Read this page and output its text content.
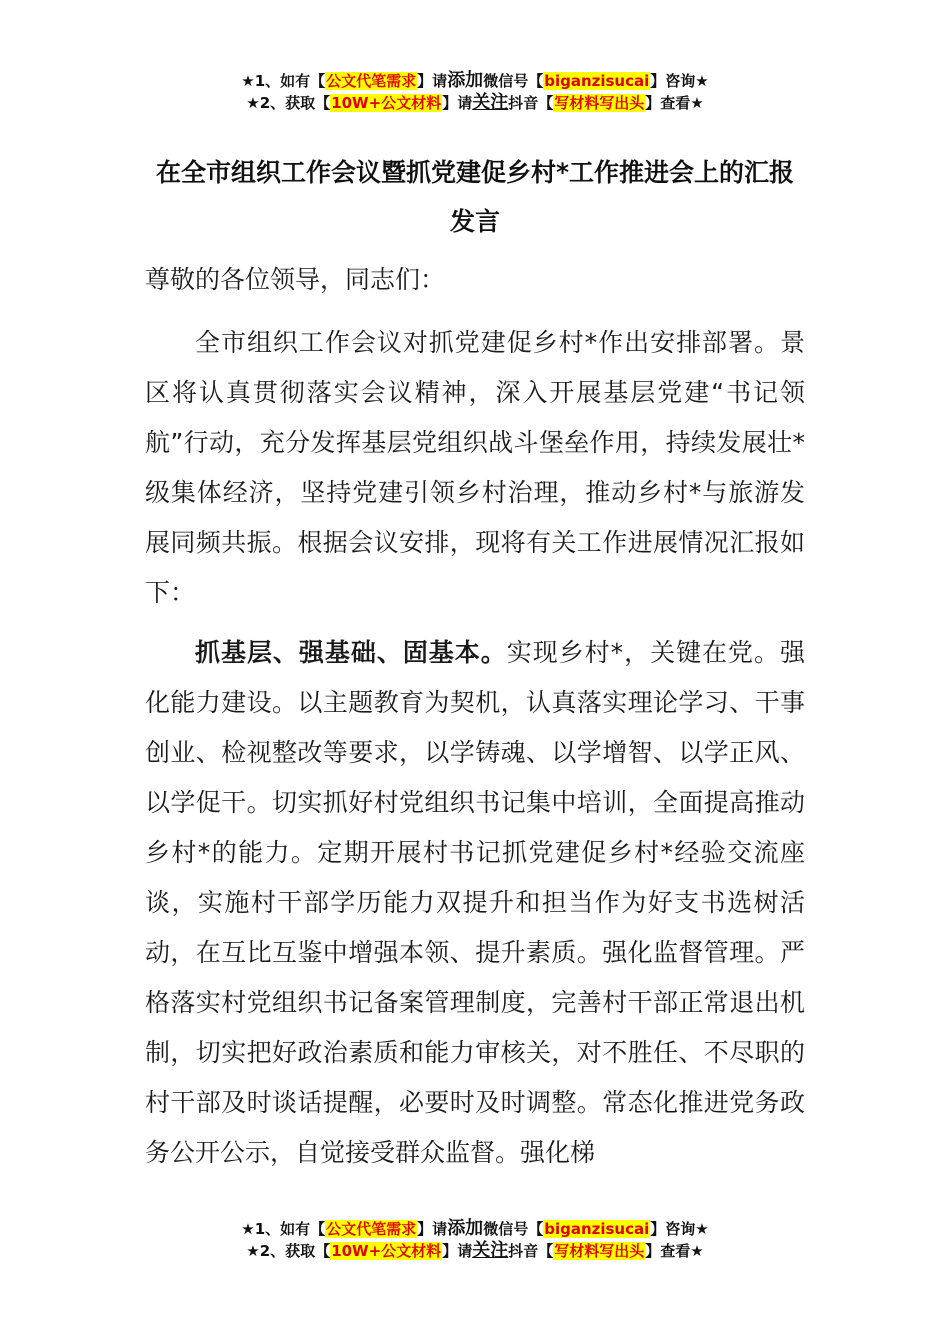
★1、如有【公文代笔需求】请添加微信号【biganzisucai】咨询★
★2、获取【10W+公文材料】请关注抖音【写材料写出头】查看★
在全市组织工作会议暨抓党建促乡村*工作推进会上的汇报发言
尊敬的各位领导，同志们：
全市组织工作会议对抓党建促乡村*作出安排部署。景区将认真贯彻落实会议精神，深入开展基层党建“书记领航”行动，充分发挥基层党组织战斗堡垒作用，持续发展壮*级集体经济，坚持党建引领乡村治理，推动乡村*与旅游发展同频共振。根据会议安排，现将有关工作进展情况汇报如下：
抓基层、强基础、固基本。实现乡村*，关键在党。强化能力建设。以主题教育为契机，认真落实理论学习、干事创业、检视整改等要求，以学铸魂、以学增智、以学正风、以学促干。切实抓好村党组织书记集中培训，全面提高推动乡村*的能力。定期开展村书记抓党建促乡村*经验交流座谈，实施村干部学历能力双提升和担当作为好支书选树活动，在互比互鉴中增强本领、提升素质。强化监督管理。严格落实村党组织书记备案管理制度，完善村干部正常退出机制，切实把好政治素质和能力审核关，对不胜任、不尽职的村干部及时谈话提醒，必要时及时调整。常态化推进党务政务公开公示，自觉接受群众监督。强化梯
★1、如有【公文代笔需求】请添加微信号【biganzisucai】咨询★
★2、获取【10W+公文材料】请关注抖音【写材料写出头】查看★
